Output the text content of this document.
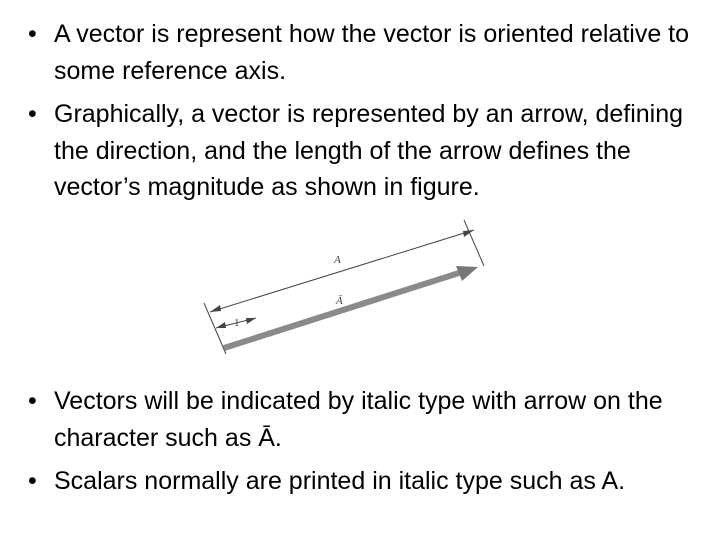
• A vector is represent how the vector is oriented relative to some reference axis.
• Graphically, a vector is represented by an arrow, defining the direction, and the length of the arrow defines the vector’s magnitude as shown in figure.
A
Ā
1
• Vectors will be indicated by italic type with arrow on the character such as Ā.
• Scalars normally are printed in italic type such as A.
